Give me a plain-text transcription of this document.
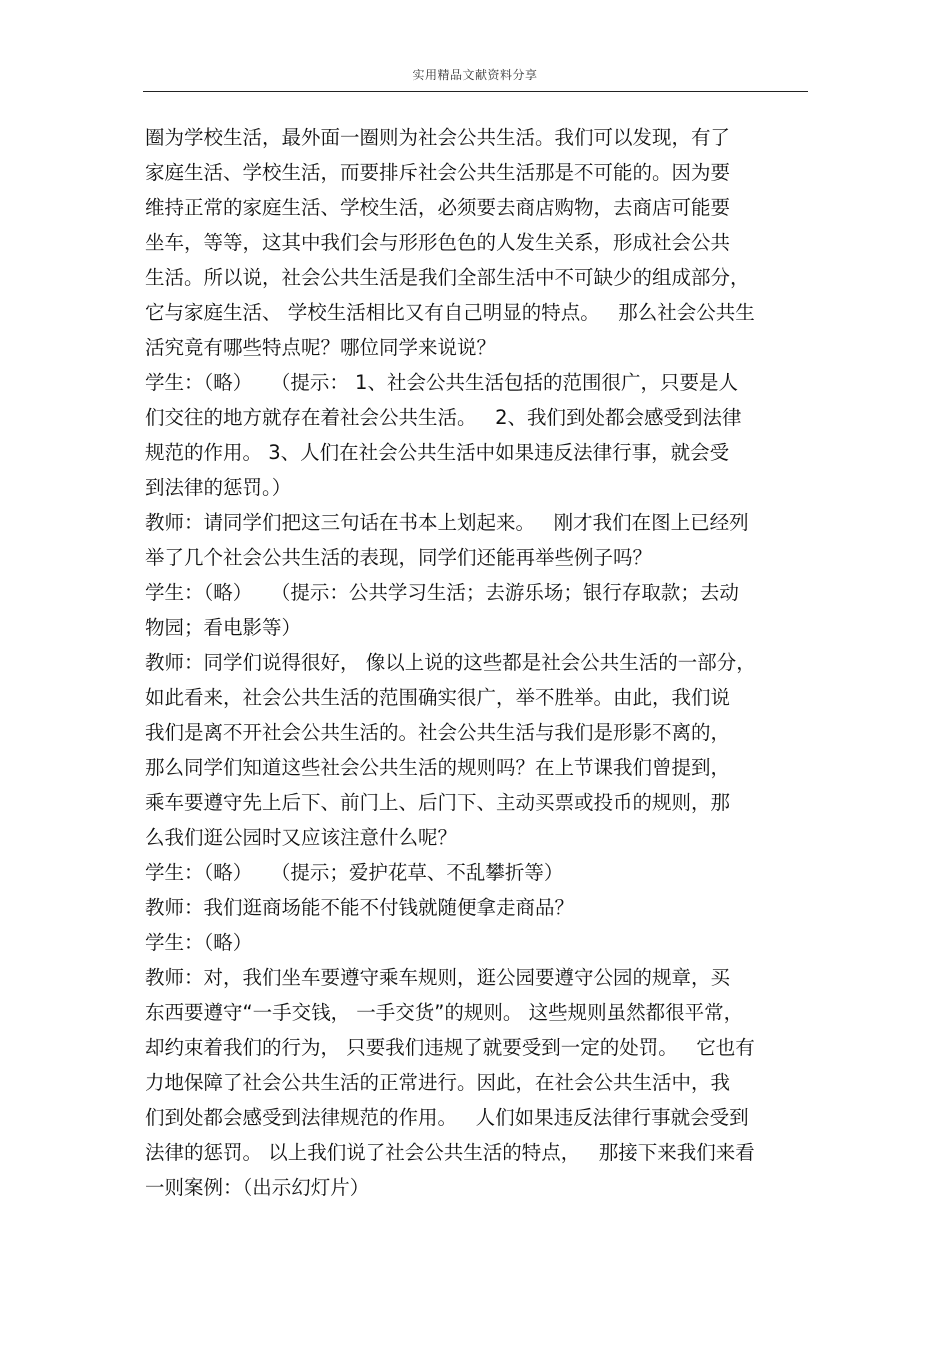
实用精品文献资料分享
圈为学校生活，最外面一圈则为社会公共生活。我们可以发现，有了
家庭生活、学校生活，而要排斥社会公共生活那是不可能的。因为要
维持正常的家庭生活、学校生活，必须要去商店购物，去商店可能要
坐车，等等，这其中我们会与形形色色的人发生关系，形成社会公共
生活。所以说，社会公共生活是我们全部生活中不可缺少的组成部分，
它与家庭生活、 学校生活相比又有自己明显的特点。   那么社会公共生
活究竟有哪些特点呢？哪位同学来说说？
学生：（略）   （提示： 1、社会公共生活包括的范围很广，只要是人
们交往的地方就存在着社会公共生活。   2、我们到处都会感受到法律
规范的作用。 3、人们在社会公共生活中如果违反法律行事，就会受
到法律的惩罚。）
教师：请同学们把这三句话在书本上划起来。   刚才我们在图上已经列
举了几个社会公共生活的表现，同学们还能再举些例子吗？
学生：（略）   （提示：公共学习生活；去游乐场；银行存取款；去动
物园；看电影等）
教师：同学们说得很好， 像以上说的这些都是社会公共生活的一部分，
如此看来，社会公共生活的范围确实很广，举不胜举。由此，我们说
我们是离不开社会公共生活的。社会公共生活与我们是形影不离的，
那么同学们知道这些社会公共生活的规则吗？在上节课我们曾提到，
乘车要遵守先上后下、前门上、后门下、主动买票或投币的规则，那
么我们逛公园时又应该注意什么呢？
学生：（略）   （提示；爱护花草、不乱攀折等）
教师：我们逛商场能不能不付钱就随便拿走商品？
学生：（略）
教师：对，我们坐车要遵守乘车规则，逛公园要遵守公园的规章，买
东西要遵守“一手交钱， 一手交货”的规则。 这些规则虽然都很平常，
却约束着我们的行为， 只要我们违规了就要受到一定的处罚。   它也有
力地保障了社会公共生活的正常进行。因此，在社会公共生活中，我
们到处都会感受到法律规范的作用。   人们如果违反法律行事就会受到
法律的惩罚。 以上我们说了社会公共生活的特点，   那接下来我们来看
一则案例：（出示幻灯片）
